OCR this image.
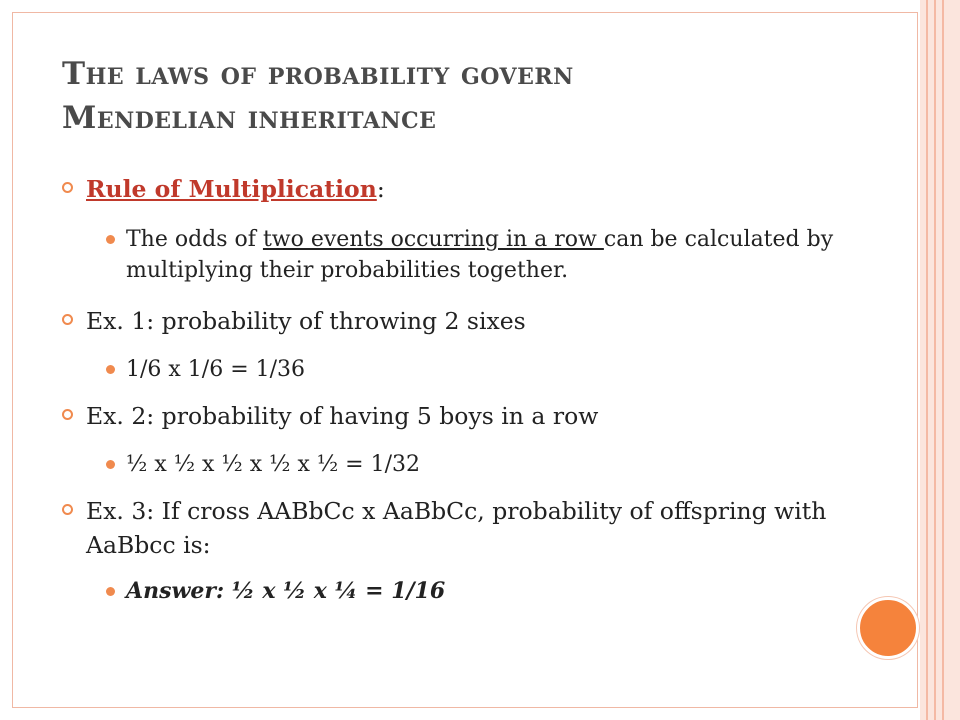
The laws of probability govern
Mendelian inheritance
Rule of Multiplication:
The odds of two events occurring in a row can be calculated by multiplying their probabilities together.
Ex. 1: probability of throwing 2 sixes
1/6 x 1/6 = 1/36
Ex. 2: probability of having 5 boys in a row
½ x ½ x ½ x ½ x ½ = 1/32
Ex. 3: If cross AABbCc x AaBbCc, probability of offspring with AaBbcc is:
Answer: ½ x ½ x ¼ = 1/16
